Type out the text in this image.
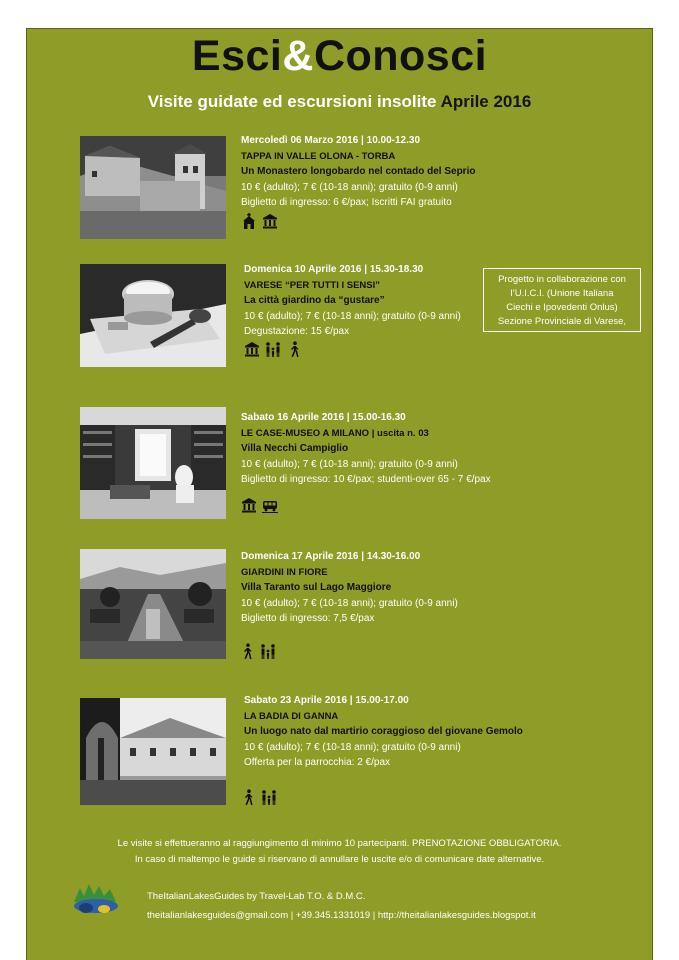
Esci&Conosci
Visite guidate ed escursioni insolite Aprile 2016
Mercoledì 06 Marzo 2016 | 10.00-12.30
TAPPA IN VALLE OLONA - TORBA
Un Monastero longobardo nel contado del Seprio
10 € (adulto); 7 € (10-18 anni); gratuito (0-9 anni)
Biglietto di ingresso: 6 €/pax; Iscritti FAI gratuito
Domenica 10 Aprile 2016 | 15.30-18.30
VARESE “PER TUTTI I SENSI”
La città giardino da “gustare”
10 € (adulto); 7 € (10-18 anni); gratuito (0-9 anni)
Degustazione: 15 €/pax
Progetto in collaborazione con
l’U.I.C.I. (Unione Italiana
Ciechi e Ipovedenti Onlus)
Sezione Provinciale di Varese,
Sabato 16 Aprile 2016 | 15.00-16.30
LE CASE-MUSEO A MILANO | uscita n. 03
Villa Necchi Campiglio
10 € (adulto); 7 € (10-18 anni); gratuito (0-9 anni)
Biglietto di ingresso: 10 €/pax; studenti-over 65 - 7 €/pax
Domenica 17 Aprile 2016 | 14.30-16.00
GIARDINI IN FIORE
Villa Taranto sul Lago Maggiore
10 € (adulto); 7 € (10-18 anni); gratuito (0-9 anni)
Biglietto di ingresso: 7,5 €/pax
Sabato 23 Aprile 2016 | 15.00-17.00
LA BADIA DI GANNA
Un luogo nato dal martirio coraggioso del giovane Gemolo
10 € (adulto); 7 € (10-18 anni); gratuito (0-9 anni)
Offerta per la parrocchia: 2 €/pax
Le visite si effettueranno al raggiungimento di minimo 10 partecipanti. PRENOTAZIONE OBBLIGATORIA.
In caso di maltempo le guide si riservano di annullare le uscite e/o di comunicare date alternative.
TheItalianLakesGuides by Travel-Lab T.O. & D.M.C.
theitalianlakesguides@gmail.com | +39.345.1331019 | http://theitalianlakesguides.blogspot.it
